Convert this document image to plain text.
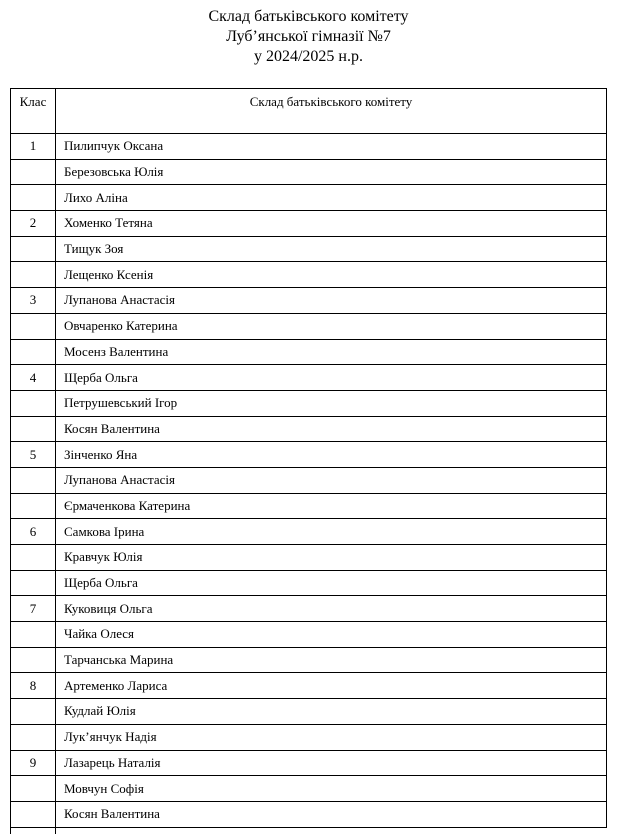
Склад батьківського комітету
Луб’янської гімназії №7
у 2024/2025 н.р.
Клас	Склад батьківського комітету
1	Пилипчук Оксана
	Березовська Юлія
	Лихо Аліна
2	Хоменко Тетяна
	Тищук Зоя
	Лещенко Ксенія
3	Лупанова Анастасія
	Овчаренко Катерина
	Мосенз Валентина
4	Щерба Ольга
	Петрушевський Ігор
	Косян Валентина
5	Зінченко Яна
	Лупанова Анастасія
	Єрмаченкова Катерина
6	Самкова Ірина
	Кравчук Юлія
	Щерба Ольга
7	Куковиця Ольга
	Чайка Олеся
	Тарчанська Марина
8	Артеменко Лариса
	Кудлай Юлія
	Лук’янчук Надія
9	Лазарець Наталія
	Мовчун Софія
	Косян Валентина
